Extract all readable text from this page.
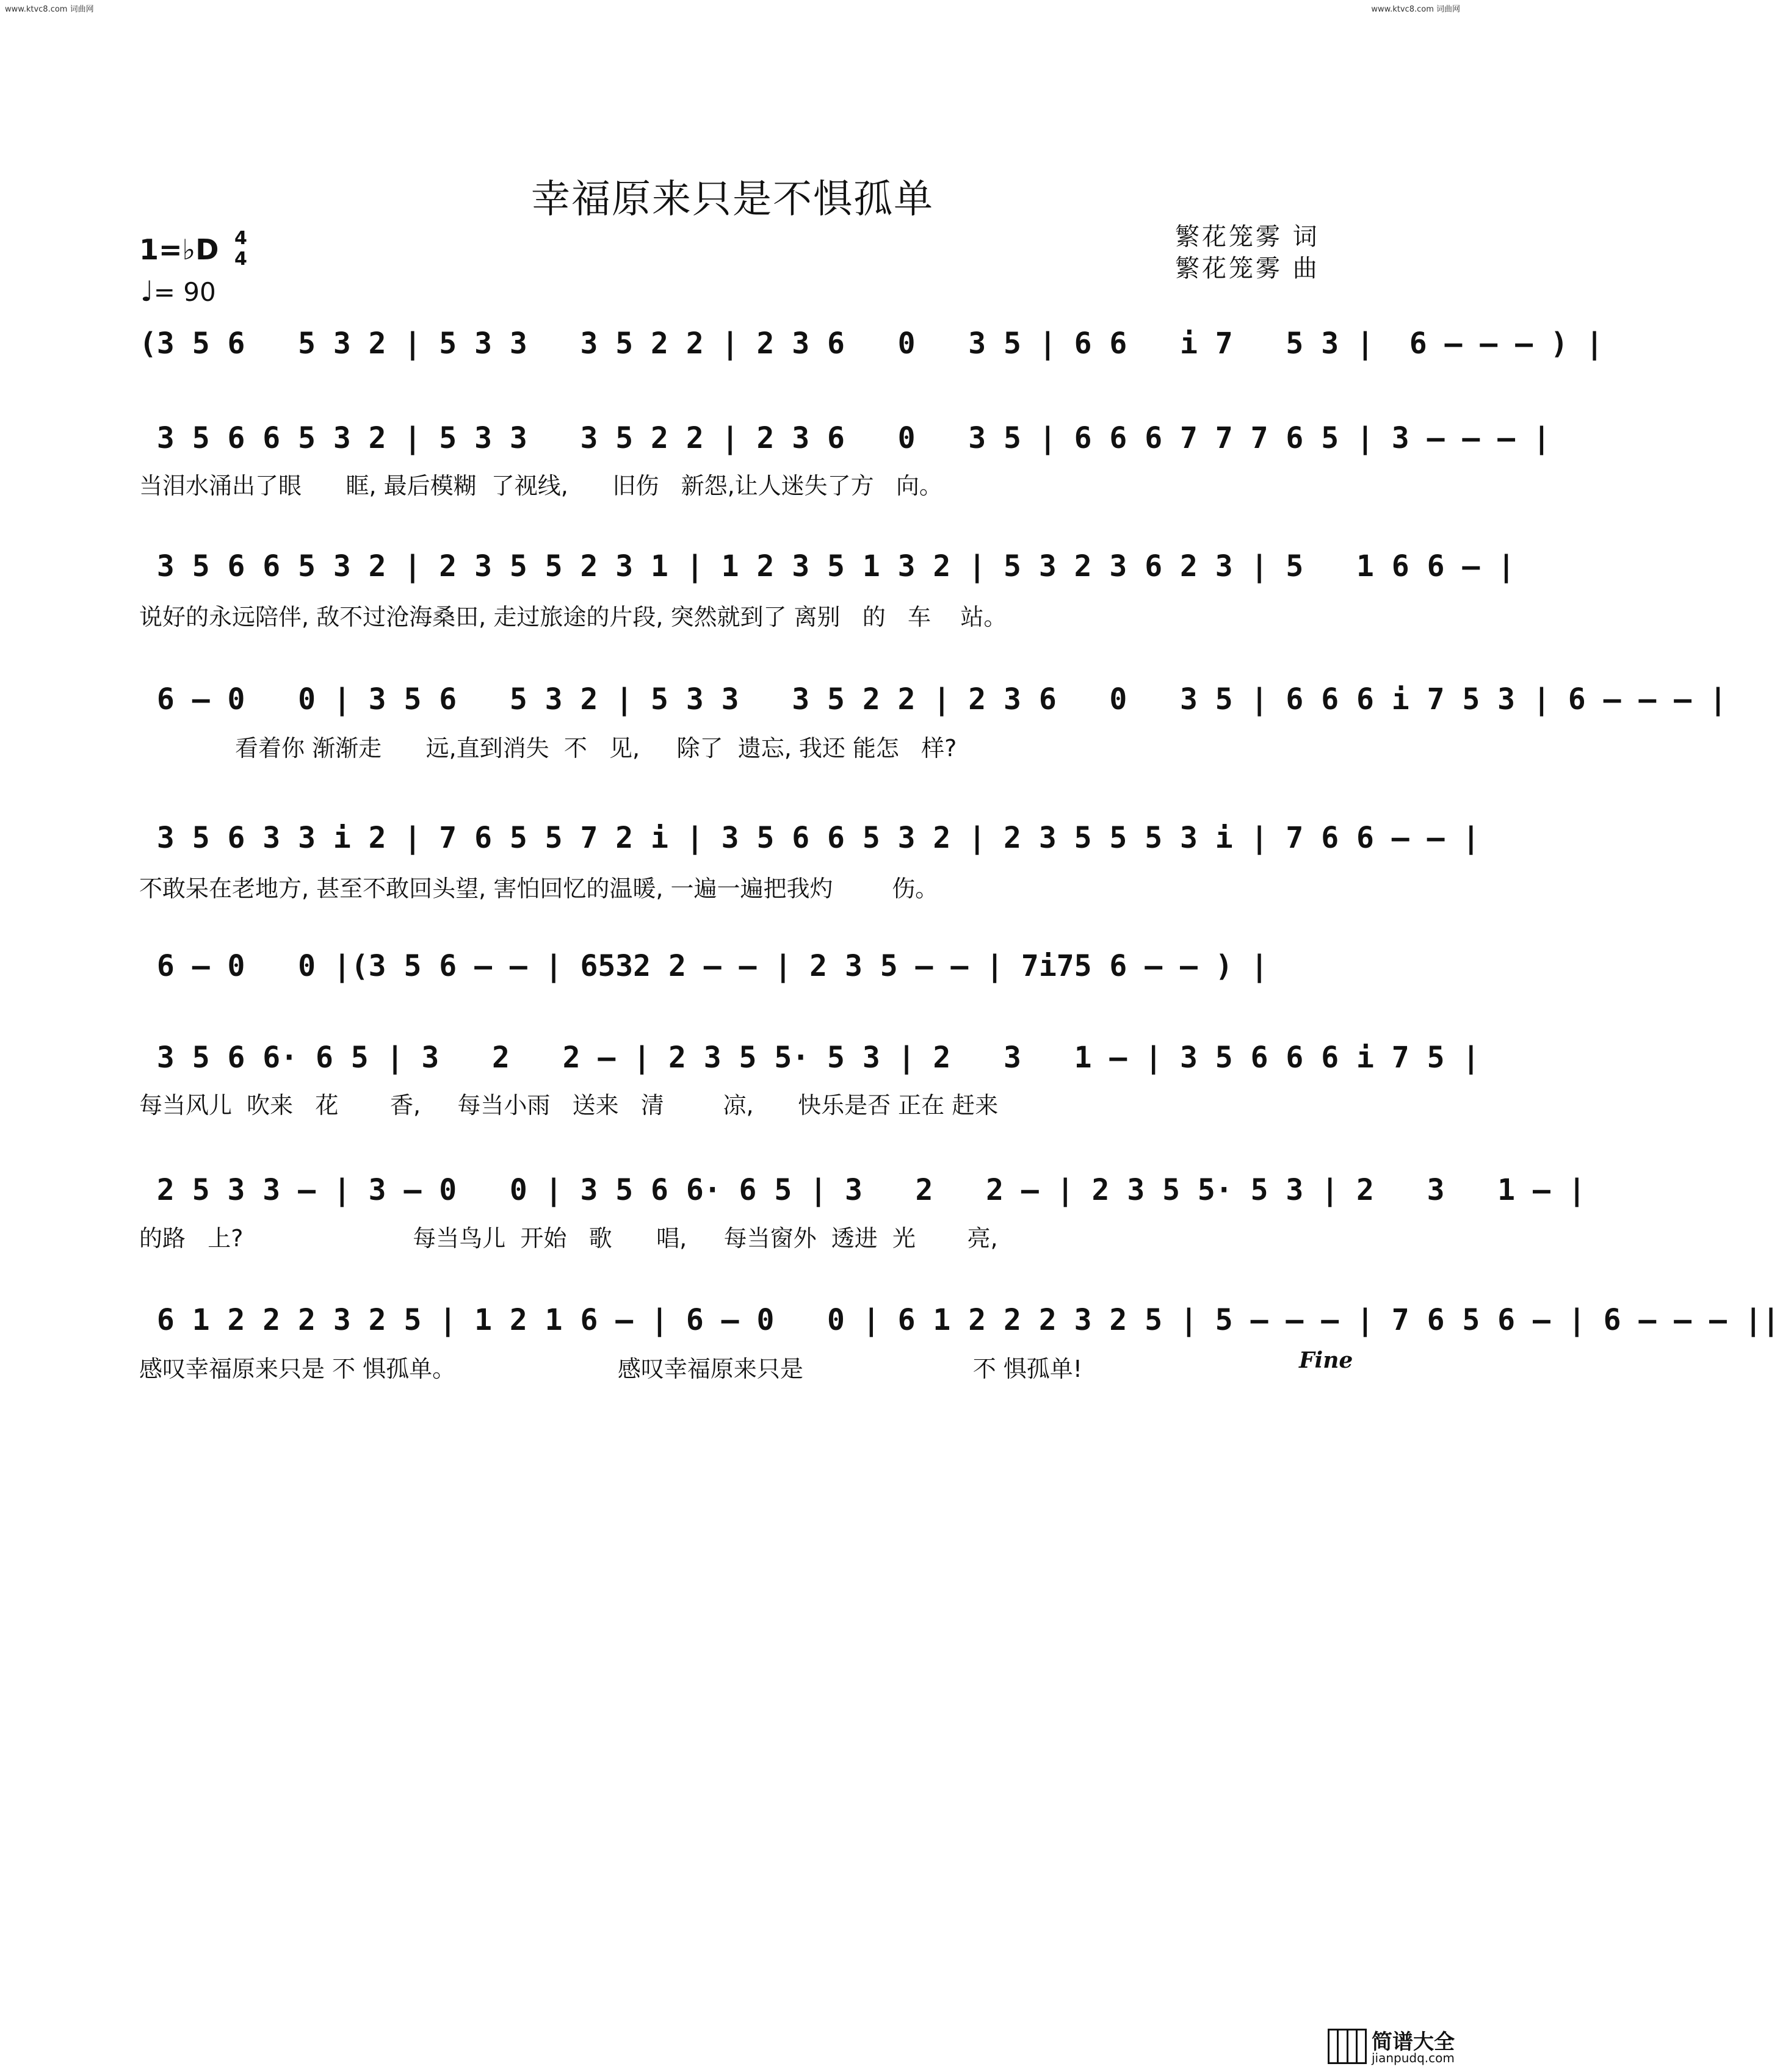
www.ktvc8.com 词曲网	www.ktvc8.com 词曲网
幸福原来只是不惧孤单
1=♭D 4
4
♩= 90
繁花笼雾 词
繁花笼雾 曲
(3 5 6   5 3 2 | 5 3 3   3 5 2 2 | 2 3 6   0   3 5 | 6 6   i 7   5 3 |  6 – – – ) |
3 5 6 6 5 3 2 | 5 3 3   3 5 2 2 | 2 3 6   0   3 5 | 6 6 6 7 7 7 6 5 | 3 – – – |
当泪水涌出了眼      眶, 最后模糊  了视线,      旧伤   新怨,让人迷失了方   向。
3 5 6 6 5 3 2 | 2 3 5 5 2 3 1 | 1 2 3 5 1 3 2 | 5 3 2 3 6 2 3 | 5   1 6 6 – |
说好的永远陪伴, 敌不过沧海桑田, 走过旅途的片段, 突然就到了 离别   的   车    站。
6 – 0   0 | 3 5 6   5 3 2 | 5 3 3   3 5 2 2 | 2 3 6   0   3 5 | 6 6 6 i 7 5 3 | 6 – – – |
看着你 渐渐走      远,直到消失  不   见,     除了  遗忘, 我还 能怎   样?
3 5 6 3 3 i 2 | 7 6 5 5 7 2 i | 3 5 6 6 5 3 2 | 2 3 5 5 5 3 i | 7 6 6 – – |
不敢呆在老地方, 甚至不敢回头望, 害怕回忆的温暖, 一遍一遍把我灼        伤。
6 – 0   0 |(3 5 6 – – | 6532 2 – – | 2 3 5 – – | 7i75 6 – – ) |
3 5 6 6· 6 5 | 3   2   2 – | 2 3 5 5· 5 3 | 2   3   1 – | 3 5 6 6 6 i 7 5 |
每当风儿  吹来   花       香,     每当小雨   送来   清        凉,      快乐是否 正在 赶来
2 5 3 3 – | 3 – 0   0 | 3 5 6 6· 6 5 | 3   2   2 – | 2 3 5 5· 5 3 | 2   3   1 – |
的路   上?                       每当鸟儿  开始   歌      唱,     每当窗外  透进  光       亮,
6 1 2 2 2 3 2 5 | 1 2 1 6 – | 6 – 0   0 | 6 1 2 2 2 3 2 5 | 5 – – – | 7 6 5 6 – | 6 – – – ||
感叹幸福原来只是 不 惧孤单。                      感叹幸福原来只是                       不 惧孤单!	Fine
简谱大全
jianpudq.com
